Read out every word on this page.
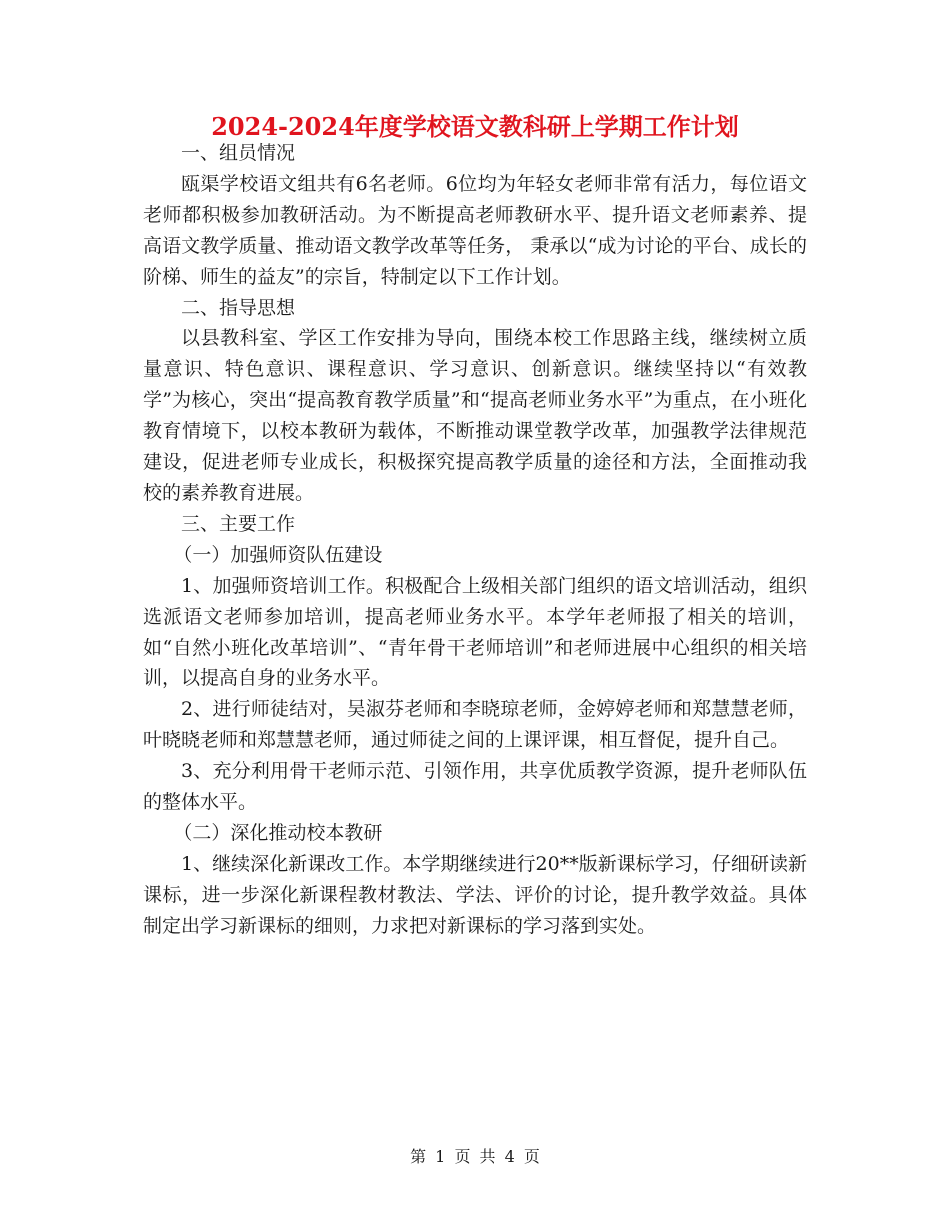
2024-2024年度学校语文教科研上学期工作计划

一、组员情况

瓯渠学校语文组共有6名老师。6位均为年轻女老师非常有活力，每位语文老师都积极参加教研活动。为不断提高老师教研水平、提升语文老师素养、提高语文教学质量、推动语文教学改革等任务， 秉承以“成为讨论的平台、成长的阶梯、师生的益友”的宗旨，特制定以下工作计划。

二、指导思想

以县教科室、学区工作安排为导向，围绕本校工作思路主线，继续树立质量意识、特色意识、课程意识、学习意识、创新意识。继续坚持以“有效教学”为核心，突出“提高教育教学质量”和“提高老师业务水平”为重点，在小班化教育情境下，以校本教研为载体，不断推动课堂教学改革，加强教学法律规范建设，促进老师专业成长，积极探究提高教学质量的途径和方法，全面推动我校的素养教育进展。

三、主要工作

（一）加强师资队伍建设

1、加强师资培训工作。积极配合上级相关部门组织的语文培训活动，组织选派语文老师参加培训，提高老师业务水平。本学年老师报了相关的培训，如“自然小班化改革培训”、“青年骨干老师培训”和老师进展中心组织的相关培训，以提高自身的业务水平。

2、进行师徒结对，吴淑芬老师和李晓琼老师，金婷婷老师和郑慧慧老师，叶晓晓老师和郑慧慧老师，通过师徒之间的上课评课，相互督促，提升自己。

3、充分利用骨干老师示范、引领作用，共享优质教学资源，提升老师队伍的整体水平。

（二）深化推动校本教研

1、继续深化新课改工作。本学期继续进行20**版新课标学习，仔细研读新课标，进一步深化新课程教材教法、学法、评价的讨论，提升教学效益。具体制定出学习新课标的细则，力求把对新课标的学习落到实处。

第 1 页 共 4 页
